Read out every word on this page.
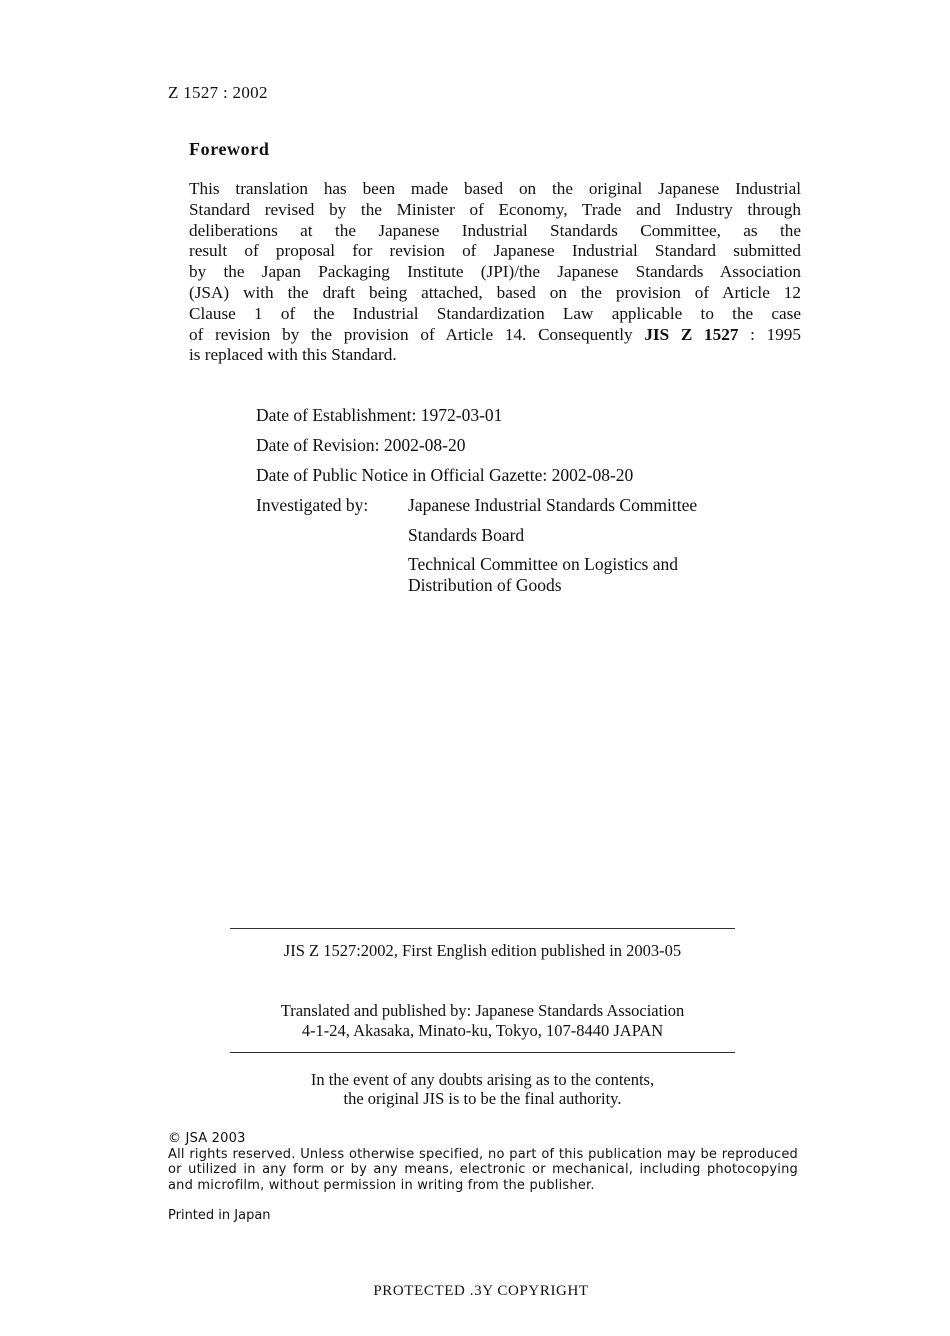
Z 1527 : 2002
Foreword
This translation has been made based on the original Japanese Industrial
Standard revised by the Minister of Economy, Trade and Industry through
deliberations at the Japanese Industrial Standards Committee, as the
result of proposal for revision of Japanese Industrial Standard submitted
by the Japan Packaging Institute (JPI)/the Japanese Standards Association
(JSA) with the draft being attached, based on the provision of Article 12
Clause 1 of the Industrial Standardization Law applicable to the case
of revision by the provision of Article 14. Consequently JIS Z 1527 : 1995
is replaced with this Standard.
Date of Establishment: 1972-03-01
Date of Revision: 2002-08-20
Date of Public Notice in Official Gazette: 2002-08-20
Investigated by: Japanese Industrial Standards Committee
Standards Board
Technical Committee on Logistics and Distribution of Goods
JIS Z 1527:2002, First English edition published in 2003-05
Translated and published by: Japanese Standards Association
4-1-24, Akasaka, Minato-ku, Tokyo, 107-8440 JAPAN
In the event of any doubts arising as to the contents,
the original JIS is to be the final authority.
© JSA 2003
All rights reserved. Unless otherwise specified, no part of this publication may be reproduced or utilized in any form or by any means, electronic or mechanical, including photocopying and microfilm, without permission in writing from the publisher.
Printed in Japan
PROTECTED .3Y COPYRIGHT
